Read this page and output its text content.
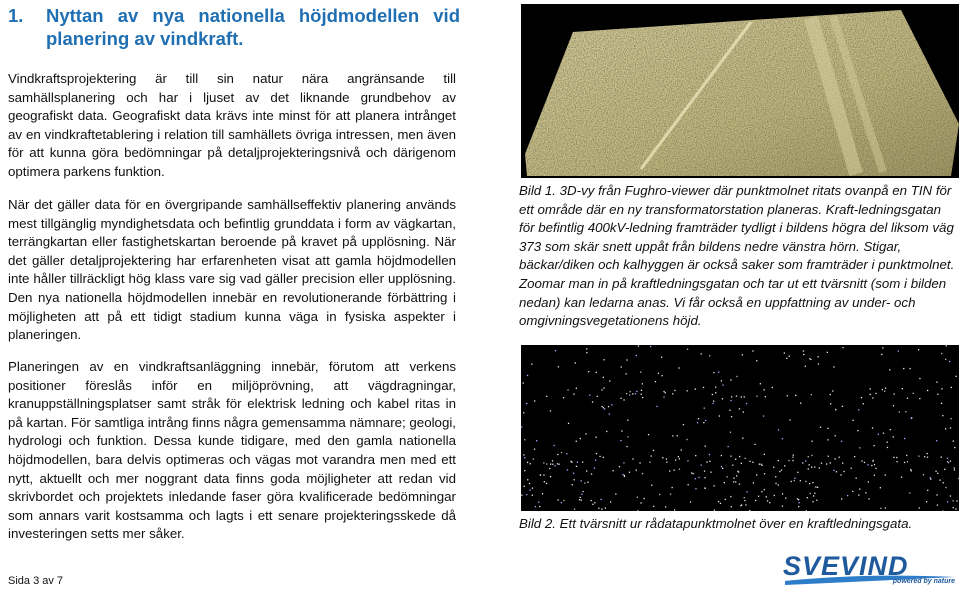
1. Nyttan av nya nationella höjdmodellen vid
planering av vindkraft.

Vindkraftsprojektering är till sin natur nära angränsande till samhällsplanering och har i ljuset av det liknande grundbehov av geografiskt data. Geografiskt data krävs inte minst för att planera intrånget av en vindkraftetablering i relation till samhällets övriga intressen, men även för att kunna göra bedömningar på detaljprojekteringsnivå och därigenom optimera parkens funktion.

När det gäller data för en övergripande samhällseffektiv planering används mest tillgänglig myndighetsdata och befintlig grunddata i form av vägkartan, terrängkartan eller fastighetskartan beroende på kravet på upplösning. När det gäller detaljprojektering har erfarenheten visat att gamla höjdmodellen inte håller tillräckligt hög klass vare sig vad gäller precision eller upplösning. Den nya nationella höjdmodellen innebär en revolutionerande förbättring i möjligheten att på ett tidigt stadium kunna väga in fysiska aspekter i planeringen.

Planeringen av en vindkraftsanläggning innebär, förutom att verkens positioner föreslås inför en miljöprövning, att vägdragningar, kranuppställningsplatser samt stråk för elektrisk ledning och kabel ritas in på kartan. För samtliga intrång finns några gemensamma nämnare; geologi, hydrologi och funktion. Dessa kunde tidigare, med den gamla nationella höjdmodellen, bara delvis optimeras och vägas mot varandra men med ett nytt, aktuellt och mer noggrant data finns goda möjligheter att redan vid skrivbordet och projektets inledande faser göra kvalificerade bedömningar som annars varit kostsamma och lagts i ett senare projekteringsskede då investeringen setts mer såker.

Bild 1. 3D-vy från Fughro-viewer där punktmolnet ritats ovanpå en TIN för ett område där en ny transformatorstation planeras. Kraft-ledningsgatan för befintlig 400kV-ledning framträder tydligt i bildens högra del liksom väg 373 som skär snett uppåt från bildens nedre vänstra hörn. Stigar, bäckar/diken och kalhyggen är också saker som framträder i punktmolnet. Zoomar man in på kraftledningsgatan och tar ut ett tvärsnitt (som i bilden nedan) kan ledarna anas. Vi får också en uppfattning av under- och omgivningsvegetationens höjd.

Bild 2. Ett tvärsnitt ur rådatapunktmolnet över en kraftledningsgata.

Sida 3 av 7	SVEVIND
powered by nature
